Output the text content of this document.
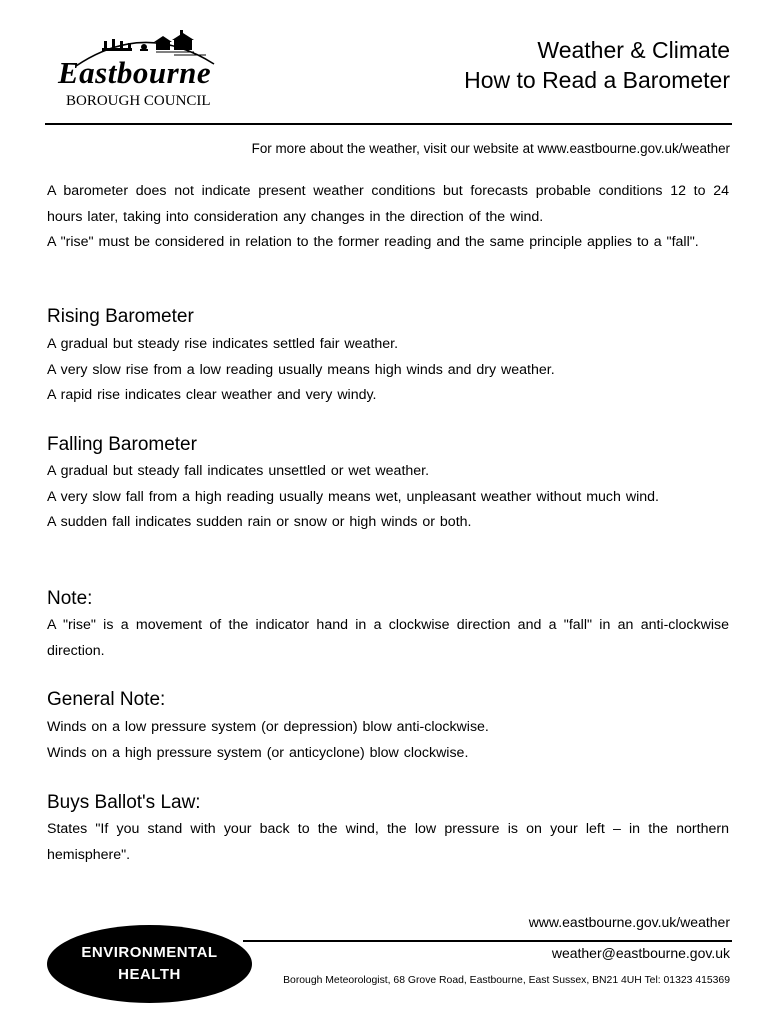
Eastbourne
BOROUGH COUNCIL
Weather & Climate
How to Read a Barometer
For more about the weather, visit our website at www.eastbourne.gov.uk/weather

A barometer does not indicate present weather conditions but forecasts probable conditions 12 to 24 hours later, taking into consideration any changes in the direction of the wind.

A "rise" must be considered in relation to the former reading and the same principle applies to a "fall".

Rising Barometer

A gradual but steady rise indicates settled fair weather.

A very slow rise from a low reading usually means high winds and dry weather.

A rapid rise indicates clear weather and very windy.

Falling Barometer

A gradual but steady fall indicates unsettled or wet weather.

A very slow fall from a high reading usually means wet, unpleasant weather without much wind.

A sudden fall indicates sudden rain or snow or high winds or both.

Note:

A "rise" is a movement of the indicator hand in a clockwise direction and a "fall" in an anti-clockwise direction.

General Note:

Winds on a low pressure system (or depression) blow anti-clockwise.

Winds on a high pressure system (or anticyclone) blow clockwise.

Buys Ballot's Law:

States "If you stand with your back to the wind, the low pressure is on your left – in the northern hemisphere".

www.eastbourne.gov.uk/weather
weather@eastbourne.gov.uk
Borough Meteorologist, 68 Grove Road, Eastbourne, East Sussex, BN21 4UH Tel: 01323 415369
ENVIRONMENTAL
HEALTH
